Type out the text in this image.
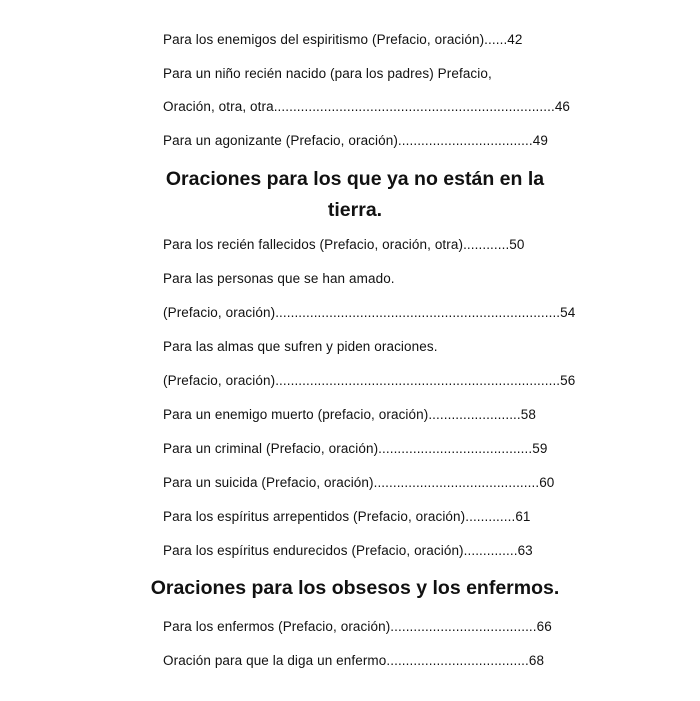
Para los enemigos del espiritismo (Prefacio, oración)......42
Para un niño recién nacido (para los padres) Prefacio,
Oración, otra, otra.........................................................................46
Para un agonizante (Prefacio, oración)...................................49
Oraciones para los que ya no están en la
tierra.
Para los recién fallecidos (Prefacio, oración, otra)............50
Para las personas que se han amado.
(Prefacio, oración)..........................................................................54
Para las almas que sufren y piden oraciones.
(Prefacio, oración)..........................................................................56
Para un enemigo muerto (prefacio, oración)........................58
Para un criminal (Prefacio, oración)........................................59
Para un suicida (Prefacio, oración)...........................................60
Para los espíritus arrepentidos (Prefacio, oración).............61
Para los espíritus endurecidos (Prefacio, oración)..............63
Oraciones para los obsesos y los enfermos.
Para los enfermos (Prefacio, oración)......................................66
Oración para que la diga un enfermo.....................................68
